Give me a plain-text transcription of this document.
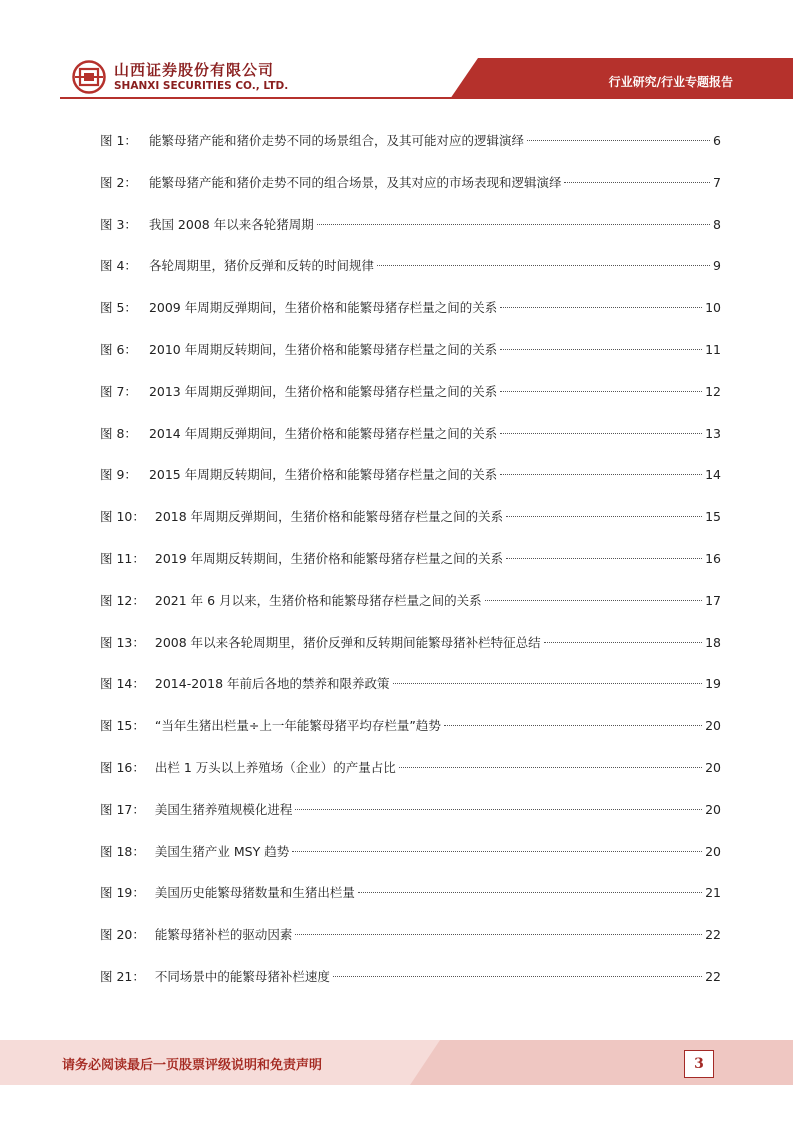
山西证券股份有限公司
SHANXI SECURITIES CO., LTD.	行业研究/行业专题报告
图 1： 能繁母猪产能和猪价走势不同的场景组合，及其可能对应的逻辑演绎	6
图 2： 能繁母猪产能和猪价走势不同的组合场景，及其对应的市场表现和逻辑演绎	7
图 3： 我国 2008 年以来各轮猪周期	8
图 4： 各轮周期里，猪价反弹和反转的时间规律	9
图 5： 2009 年周期反弹期间，生猪价格和能繁母猪存栏量之间的关系	10
图 6： 2010 年周期反转期间，生猪价格和能繁母猪存栏量之间的关系	11
图 7： 2013 年周期反弹期间，生猪价格和能繁母猪存栏量之间的关系	12
图 8： 2014 年周期反弹期间，生猪价格和能繁母猪存栏量之间的关系	13
图 9： 2015 年周期反转期间，生猪价格和能繁母猪存栏量之间的关系	14
图 10： 2018 年周期反弹期间，生猪价格和能繁母猪存栏量之间的关系	15
图 11： 2019 年周期反转期间，生猪价格和能繁母猪存栏量之间的关系	16
图 12： 2021 年 6 月以来，生猪价格和能繁母猪存栏量之间的关系	17
图 13： 2008 年以来各轮周期里，猪价反弹和反转期间能繁母猪补栏特征总结	18
图 14： 2014-2018 年前后各地的禁养和限养政策	19
图 15： “当年生猪出栏量÷上一年能繁母猪平均存栏量”趋势	20
图 16： 出栏 1 万头以上养殖场（企业）的产量占比	20
图 17： 美国生猪养殖规模化进程	20
图 18： 美国生猪产业 MSY 趋势	20
图 19： 美国历史能繁母猪数量和生猪出栏量	21
图 20： 能繁母猪补栏的驱动因素	22
图 21： 不同场景中的能繁母猪补栏速度	22
请务必阅读最后一页股票评级说明和免责声明	3
